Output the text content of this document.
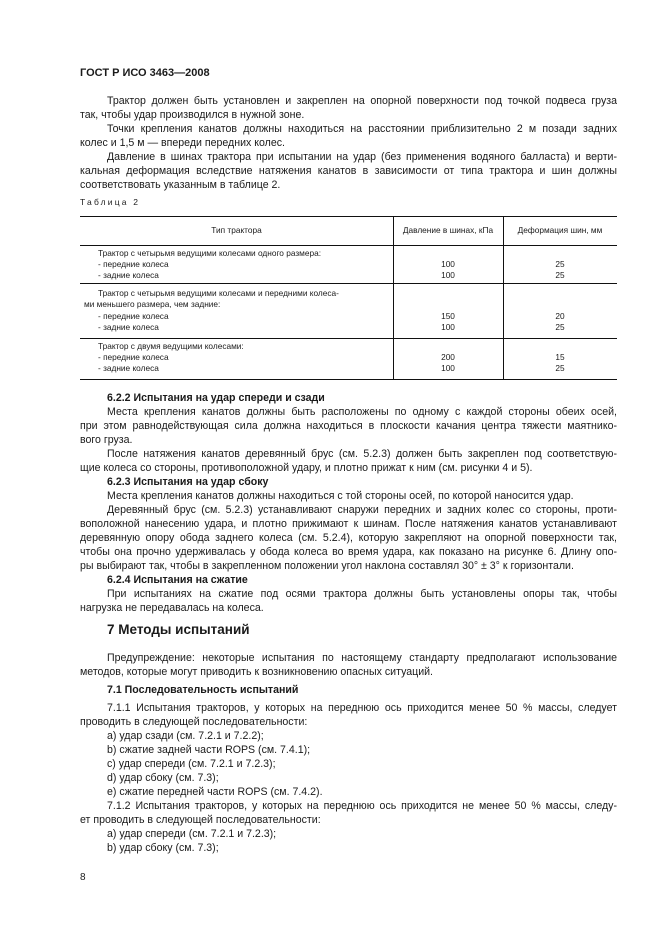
ГОСТ Р ИСО 3463—2008
Трактор должен быть установлен и закреплен на опорной поверхности под точкой подвеса груза
так, чтобы удар производился в нужной зоне.
Точки крепления канатов должны находиться на расстоянии приблизительно 2 м позади задних
колес и 1,5 м — впереди передних колес.
Давление в шинах трактора при испытании на удар (без применения водяного балласта) и верти-
кальная деформация вследствие натяжения канатов в зависимости от типа трактора и шин должны
соответствовать указанным в таблице 2.
Таблица 2
Тип трактора	Давление в шинах, кПа	Деформация шин, мм
Трактор с четырьмя ведущими колесами одного размера:
- передние колеса	100	25
- задние колеса	100	25
Трактор с четырьмя ведущими колесами и передними колеса-
ми меньшего размера, чем задние:
- передние колеса	150	20
- задние колеса	100	25
Трактор с двумя ведущими колесами:
- передние колеса	200	15
- задние колеса	100	25
6.2.2 Испытания на удар спереди и сзади
Места крепления канатов должны быть расположены по одному с каждой стороны обеих осей,
при этом равнодействующая сила должна находиться в плоскости качания центра тяжести маятнико-
вого груза.
После натяжения канатов деревянный брус (см. 5.2.3) должен быть закреплен под соответствую-
щие колеса со стороны, противоположной удару, и плотно прижат к ним (см. рисунки 4 и 5).
6.2.3 Испытания на удар сбоку
Места крепления канатов должны находиться с той стороны осей, по которой наносится удар.
Деревянный брус (см. 5.2.3) устанавливают снаружи передних и задних колес со стороны, проти-
воположной нанесению удара, и плотно прижимают к шинам. После натяжения канатов устанавливают
деревянную опору обода заднего колеса (см. 5.2.4), которую закрепляют на опорной поверхности так,
чтобы она прочно удерживалась у обода колеса во время удара, как показано на рисунке 6. Длину опо-
ры выбирают так, чтобы в закрепленном положении угол наклона составлял 30° ± 3° к горизонтали.
6.2.4 Испытания на сжатие
При испытаниях на сжатие под осями трактора должны быть установлены опоры так, чтобы
нагрузка не передавалась на колеса.
7 Методы испытаний
Предупреждение: некоторые испытания по настоящему стандарту предполагают использование
методов, которые могут приводить к возникновению опасных ситуаций.
7.1 Последовательность испытаний
7.1.1 Испытания тракторов, у которых на переднюю ось приходится менее 50 % массы, следует
проводить в следующей последовательности:
a) удар сзади (см. 7.2.1 и 7.2.2);
b) сжатие задней части ROPS (см. 7.4.1);
c) удар спереди (см. 7.2.1 и 7.2.3);
d) удар сбоку (см. 7.3);
e) сжатие передней части ROPS (см. 7.4.2).
7.1.2 Испытания тракторов, у которых на переднюю ось приходится не менее 50 % массы, следу-
ет проводить в следующей последовательности:
a) удар спереди (см. 7.2.1 и 7.2.3);
b) удар сбоку (см. 7.3);
8
